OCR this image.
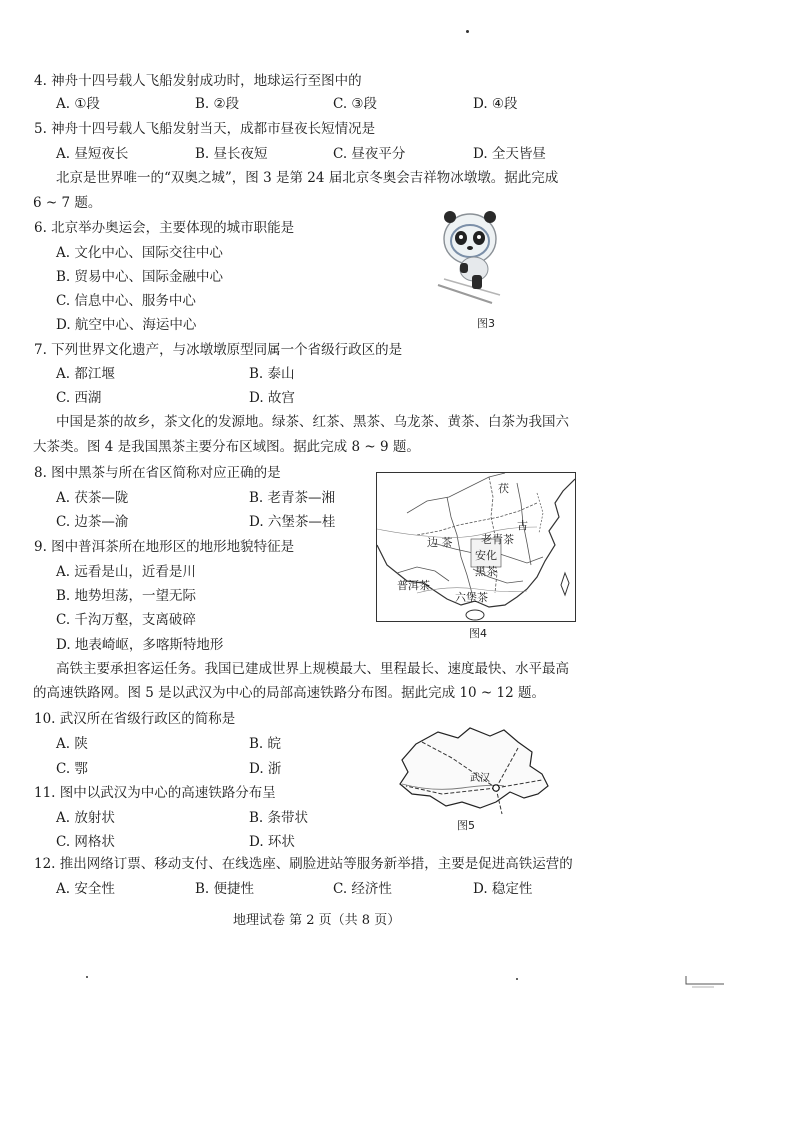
4. 神舟十四号载人飞船发射成功时，地球运行至图中的
A. ①段	B. ②段	C. ③段	D. ④段
5. 神舟十四号载人飞船发射当天，成都市昼夜长短情况是
A. 昼短夜长	B. 昼长夜短	C. 昼夜平分	D. 全天皆昼
北京是世界唯一的“双奥之城”，图 3 是第 24 届北京冬奥会吉祥物冰墩墩。据此完成
6 ~ 7 题。
6. 北京举办奥运会，主要体现的城市职能是
A. 文化中心、国际交往中心
B. 贸易中心、国际金融中心
C. 信息中心、服务中心
D. 航空中心、海运中心	图3
7. 下列世界文化遗产，与冰墩墩原型同属一个省级行政区的是
A. 都江堰	B. 泰山
C. 西湖	D. 故宫
中国是茶的故乡，茶文化的发源地。绿茶、红茶、黑茶、乌龙茶、黄茶、白茶为我国六
大茶类。图 4 是我国黑茶主要分布区域图。据此完成 8 ~ 9 题。
8. 图中黑茶与所在省区简称对应正确的是
A. 茯茶—陇	B. 老青茶—湘
C. 边茶—渝	D. 六堡茶—桂
9. 图中普洱茶所在地形区的地形地貌特征是
A. 远看是山，近看是川
B. 地势坦荡，一望无际
C. 千沟万壑，支离破碎
D. 地表崎岖，多喀斯特地形
茯
古
边 茶	老青茶
安化
黑茶
普洱茶
六堡茶
图4
高铁主要承担客运任务。我国已建成世界上规模最大、里程最长、速度最快、水平最高
的高速铁路网。图 5 是以武汉为中心的局部高速铁路分布图。据此完成 10 ~ 12 题。
10. 武汉所在省级行政区的简称是
A. 陕	B. 皖
C. 鄂	D. 浙
武汉
图5
11. 图中以武汉为中心的高速铁路分布呈
A. 放射状	B. 条带状
C. 网格状	D. 环状
12. 推出网络订票、移动支付、在线选座、刷脸进站等服务新举措，主要是促进高铁运营的
A. 安全性	B. 便捷性	C. 经济性	D. 稳定性
地理试卷 第 2 页（共 8 页）
